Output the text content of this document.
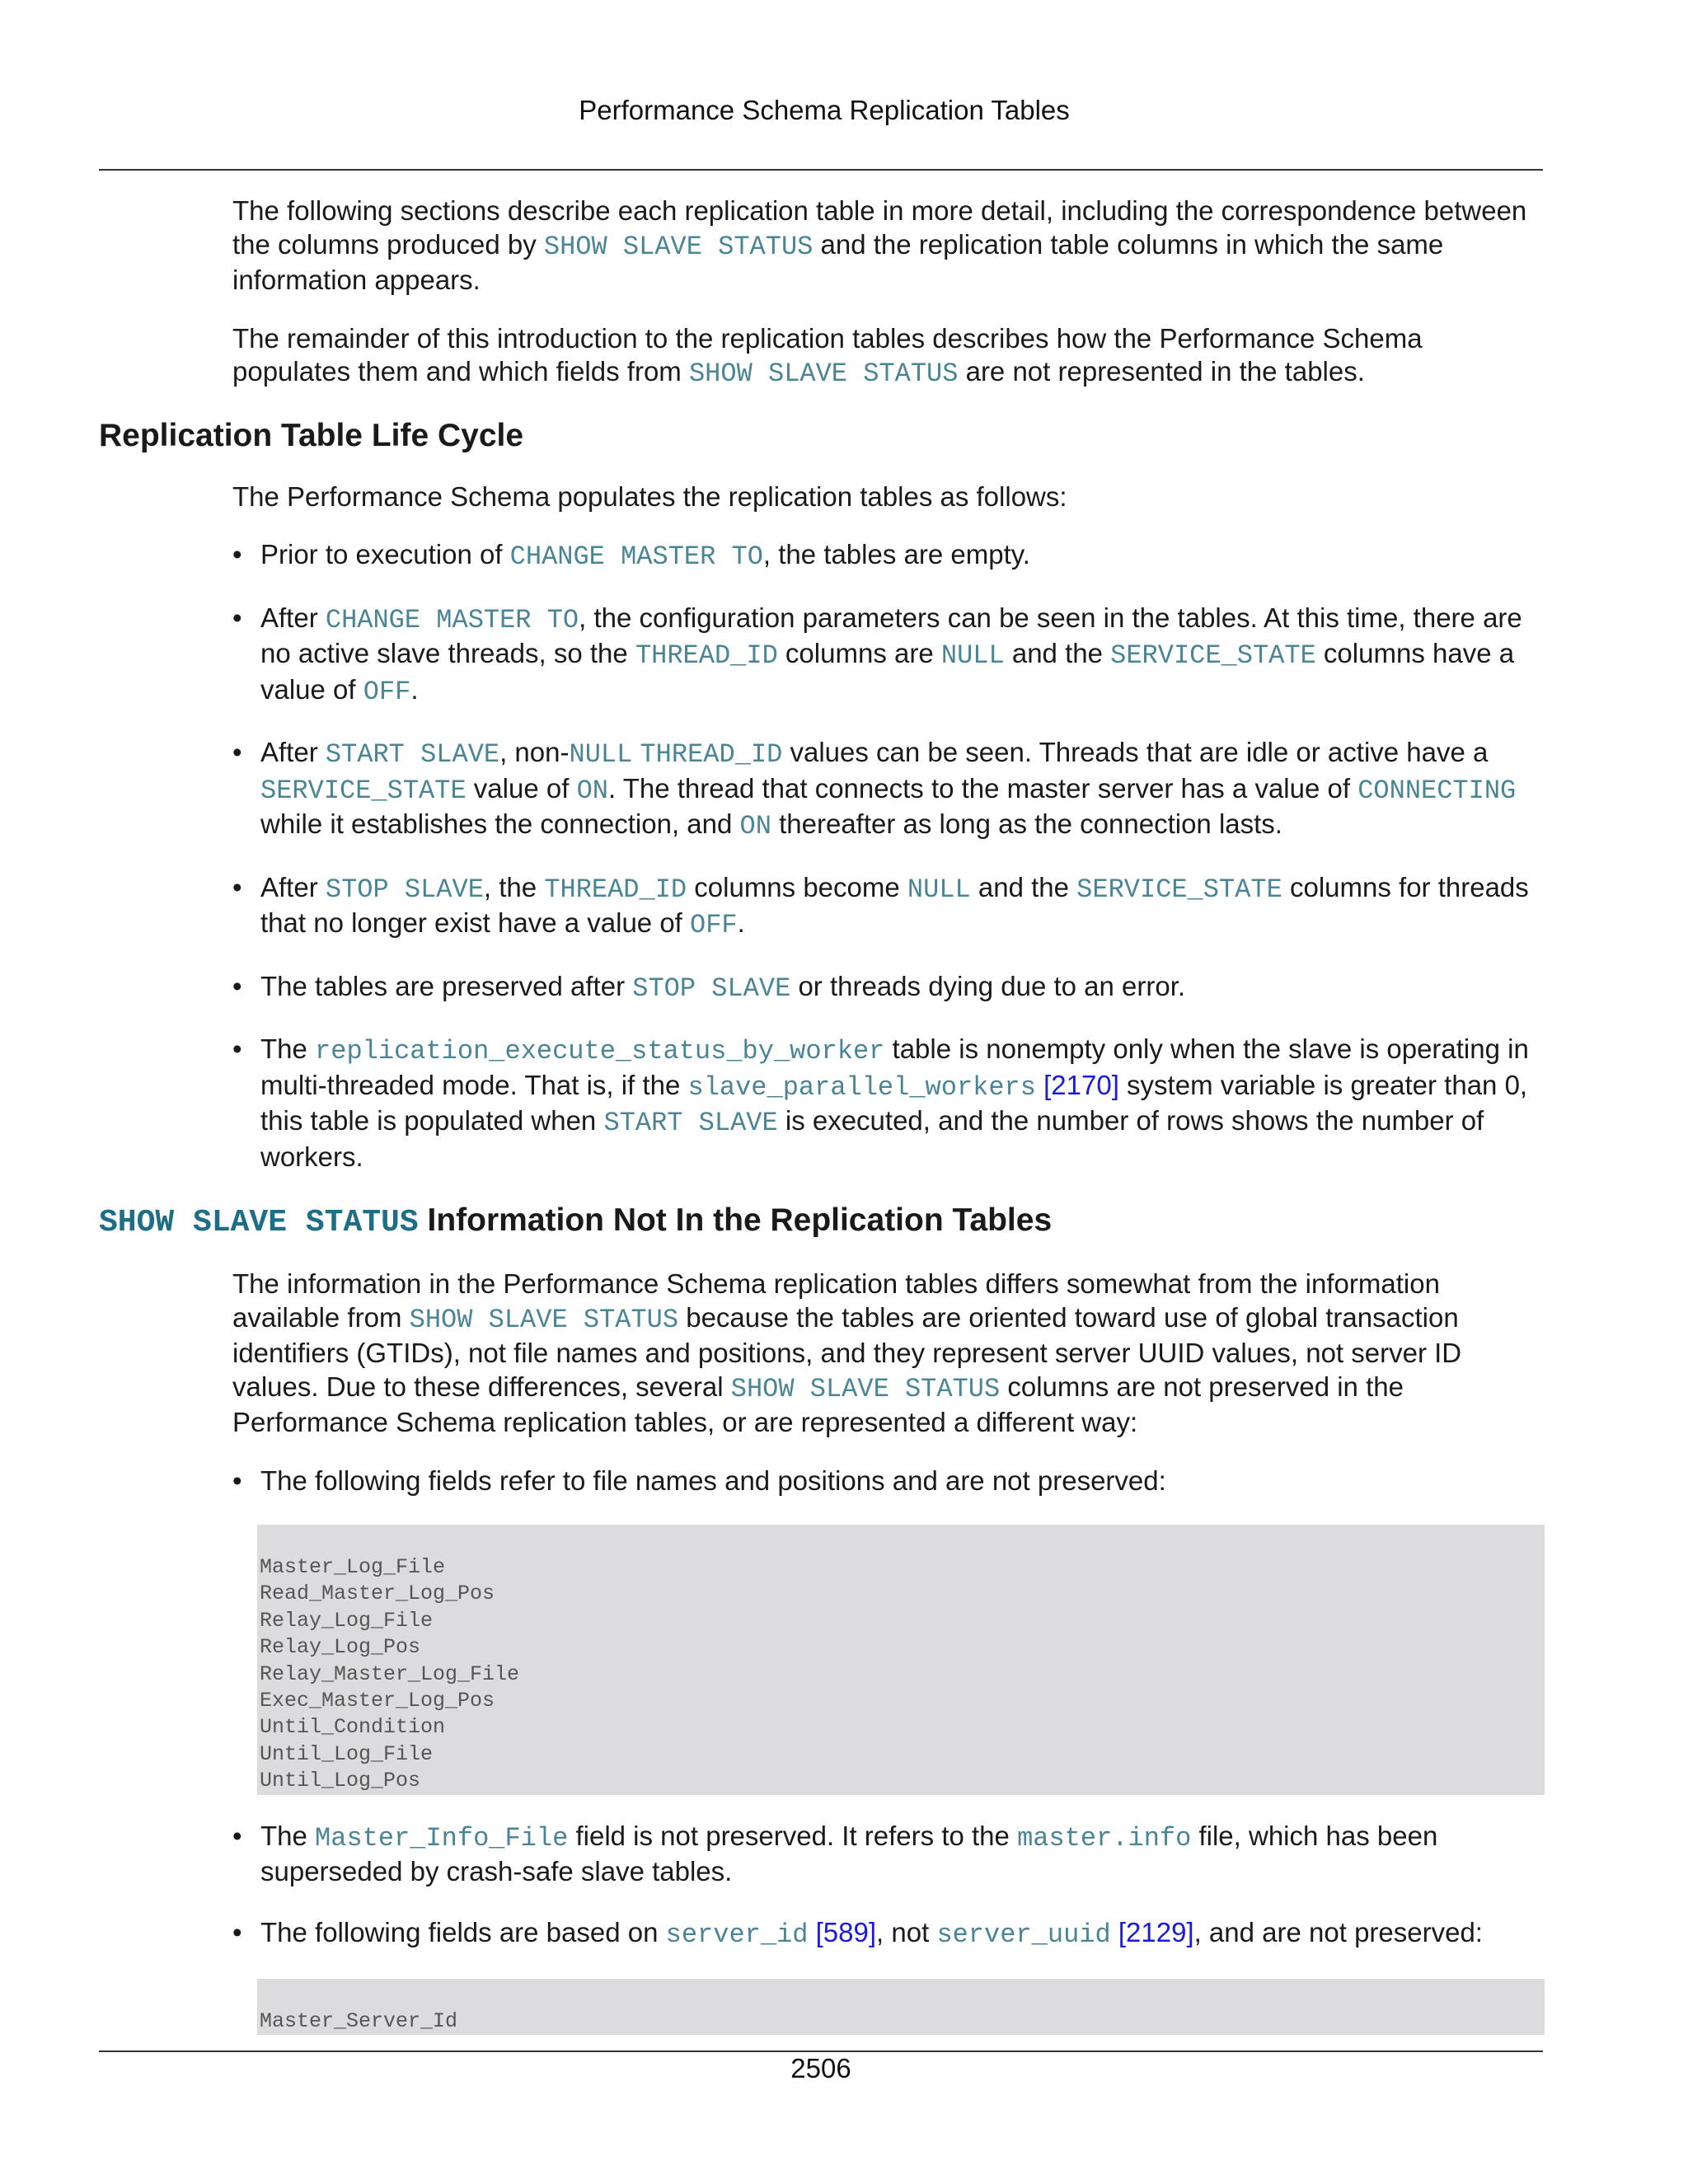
Performance Schema Replication Tables

The following sections describe each replication table in more detail, including the correspondence between the columns produced by SHOW SLAVE STATUS and the replication table columns in which the same information appears.

The remainder of this introduction to the replication tables describes how the Performance Schema populates them and which fields from SHOW SLAVE STATUS are not represented in the tables.

Replication Table Life Cycle

The Performance Schema populates the replication tables as follows:

• Prior to execution of CHANGE MASTER TO, the tables are empty.
• After CHANGE MASTER TO, the configuration parameters can be seen in the tables. At this time, there are no active slave threads, so the THREAD_ID columns are NULL and the SERVICE_STATE columns have a value of OFF.
• After START SLAVE, non-NULL THREAD_ID values can be seen. Threads that are idle or active have a SERVICE_STATE value of ON. The thread that connects to the master server has a value of CONNECTING while it establishes the connection, and ON thereafter as long as the connection lasts.
• After STOP SLAVE, the THREAD_ID columns become NULL and the SERVICE_STATE columns for threads that no longer exist have a value of OFF.
• The tables are preserved after STOP SLAVE or threads dying due to an error.
• The replication_execute_status_by_worker table is nonempty only when the slave is operating in multi-threaded mode. That is, if the slave_parallel_workers [2170] system variable is greater than 0, this table is populated when START SLAVE is executed, and the number of rows shows the number of workers.
SHOW SLAVE STATUS Information Not In the Replication Tables

The information in the Performance Schema replication tables differs somewhat from the information available from SHOW SLAVE STATUS because the tables are oriented toward use of global transaction identifiers (GTIDs), not file names and positions, and they represent server UUID values, not server ID values. Due to these differences, several SHOW SLAVE STATUS columns are not preserved in the Performance Schema replication tables, or are represented a different way:

• The following fields refer to file names and positions and are not preserved:
Master_Log_File
Read_Master_Log_Pos
Relay_Log_File
Relay_Log_Pos
Relay_Master_Log_File
Exec_Master_Log_Pos
Until_Condition
Until_Log_File
Until_Log_Pos
• The Master_Info_File field is not preserved. It refers to the master.info file, which has been superseded by crash-safe slave tables.
• The following fields are based on server_id [589], not server_uuid [2129], and are not preserved:
Master_Server_Id
2506
